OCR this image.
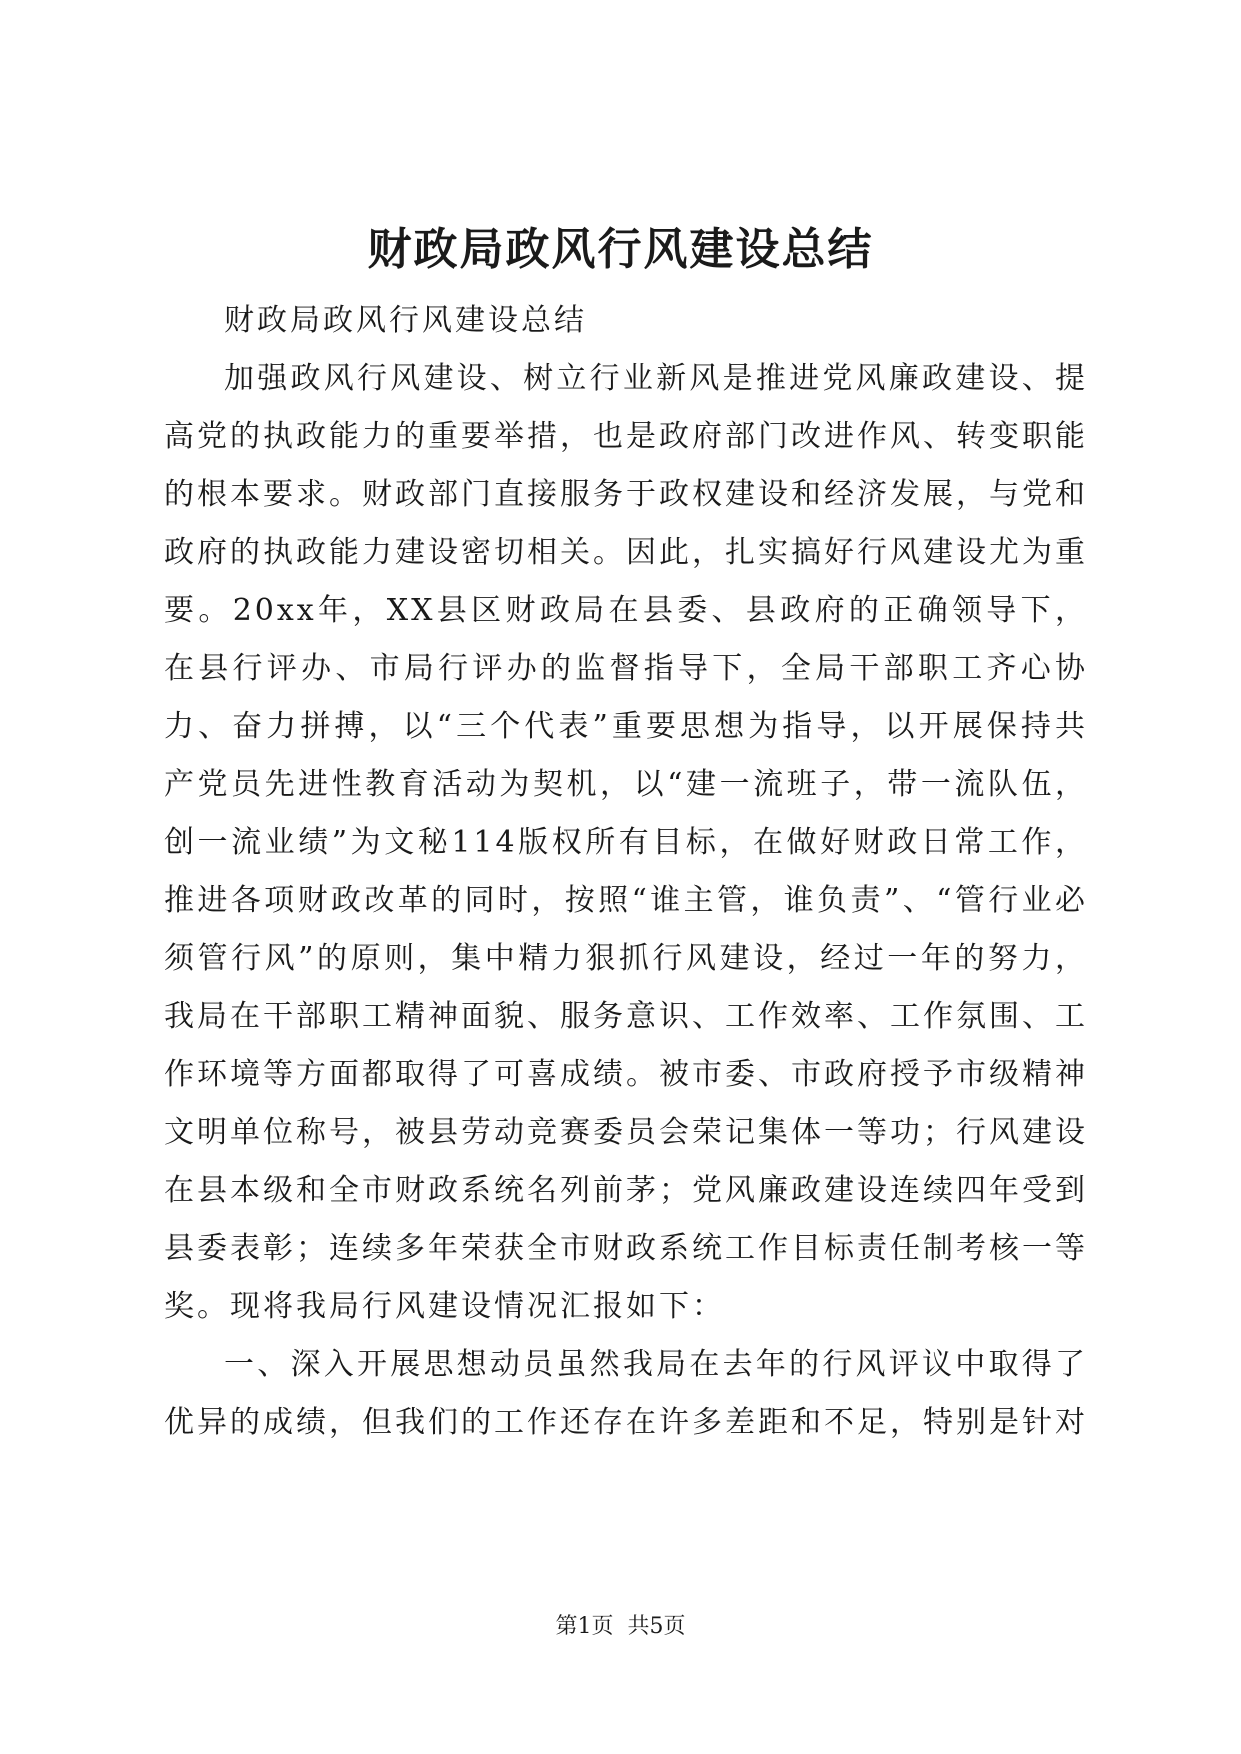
财政局政风行风建设总结

财政局政风行风建设总结

加强政风行风建设、树立行业新风是推进党风廉政建设、提高党的执政能力的重要举措，也是政府部门改进作风、转变职能的根本要求。财政部门直接服务于政权建设和经济发展，与党和政府的执政能力建设密切相关。因此，扎实搞好行风建设尤为重要。20xx年，XX县区财政局在县委、县政府的正确领导下，在县行评办、市局行评办的监督指导下，全局干部职工齐心协力、奋力拼搏，以“三个代表”重要思想为指导，以开展保持共产党员先进性教育活动为契机，以“建一流班子，带一流队伍，创一流业绩”为文秘114版权所有目标，在做好财政日常工作，推进各项财政改革的同时，按照“谁主管，谁负责”、“管行业必须管行风”的原则，集中精力狠抓行风建设，经过一年的努力，我局在干部职工精神面貌、服务意识、工作效率、工作氛围、工作环境等方面都取得了可喜成绩。被市委、市政府授予市级精神文明单位称号，被县劳动竞赛委员会荣记集体一等功；行风建设在县本级和全市财政系统名列前茅；党风廉政建设连续四年受到县委表彰；连续多年荣获全市财政系统工作目标责任制考核一等奖。现将我局行风建设情况汇报如下：

一、深入开展思想动员虽然我局在去年的行风评议中取得了优异的成绩，但我们的工作还存在许多差距和不足，特别是针对

第1页  共5页
